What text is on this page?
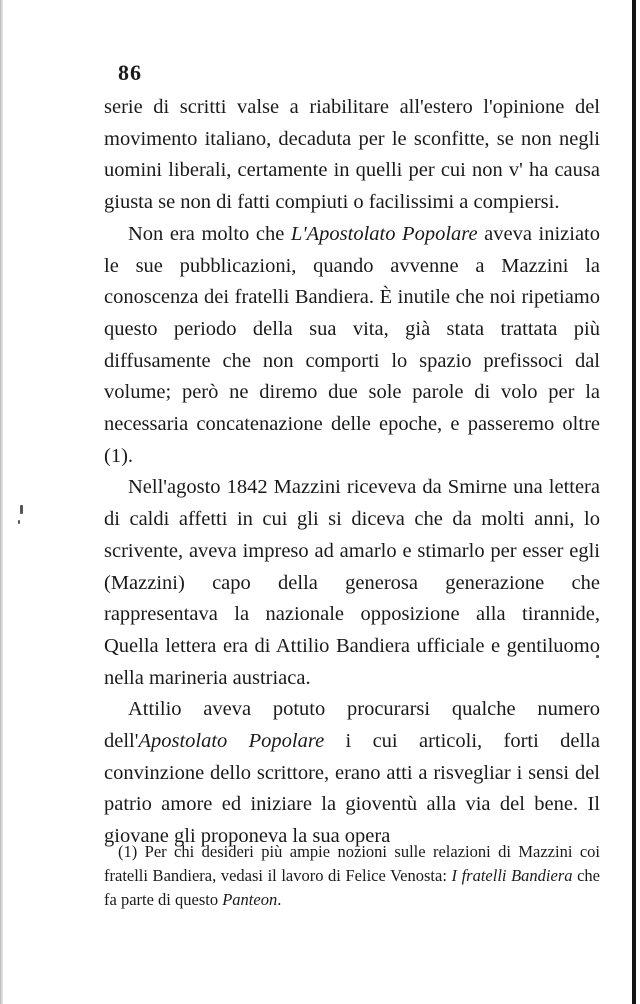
86

serie di scritti valse a riabilitare all'estero l'opinione del movimento italiano, decaduta per le sconfitte, se non negli uomini liberali, certamente in quelli per cui non v' ha causa giusta se non di fatti compiuti o facilissimi a compiersi.

Non era molto che L'Apostolato Popolare aveva iniziato le sue pubblicazioni, quando avvenne a Mazzini la conoscenza dei fratelli Bandiera. È inutile che noi ripetiamo questo periodo della sua vita, già stata trattata più diffusamente che non comporti lo spazio prefissoci dal volume; però ne diremo due sole parole di volo per la necessaria concatenazione delle epoche, e passeremo oltre (1).

Nell'agosto 1842 Mazzini riceveva da Smirne una lettera di caldi affetti in cui gli si diceva che da molti anni, lo scrivente, aveva impreso ad amarlo e stimarlo per esser egli (Mazzini) capo della generosa generazione che rappresentava la nazionale opposizione alla tirannide, Quella lettera era di Attilio Bandiera ufficiale e gentiluomo nella marineria austriaca.

Attilio aveva potuto procurarsi qualche numero dell'Apostolato Popolare i cui articoli, forti della convinzione dello scrittore, erano atti a risvegliar i sensi del patrio amore ed iniziare la gioventù alla via del bene. Il giovane gli proponeva la sua opera

(1) Per chi desideri più ampie nozioni sulle relazioni di Mazzini coi fratelli Bandiera, vedasi il lavoro di Felice Venosta: I fratelli Bandiera che fa parte di questo Panteon.
